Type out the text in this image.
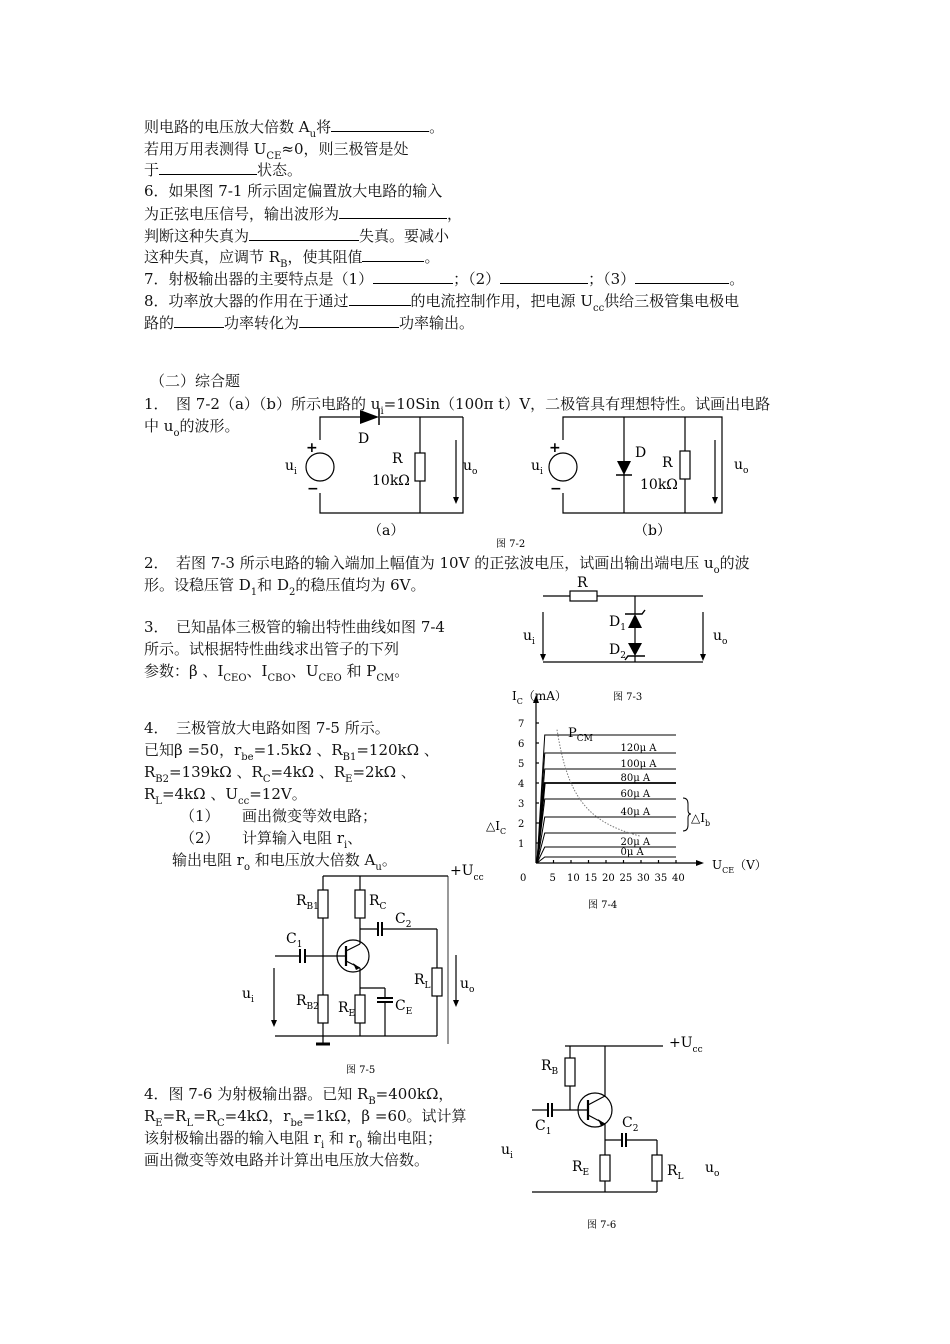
则电路的电压放大倍数 $A_u$将	。
若用万用表测得 $U_{CE}\approx 0$，则三极管是处
于	状态。
6．如果图 7-1 所示固定偏置放大电路的输入
为正弦电压信号，输出波形为	，
判断这种失真为	失真。要减小
这种失真，应调节 $R_B$，使其阻值	。
7．射极输出器的主要特点是（1）	；（2）	；（3）	。
8．功率放大器的作用在于通过	的电流控制作用，把电源 $U_{cc}$供给三极管集电极电
路的	功率转化为	功率输出。
（二）综合题
1．　图 7-2（a）（b）所示电路的 $u_i=10Sin(100\pi$ t）V，二极管具有理想特性。试画出电路
中 $u_o$的波形。
+
−
+
−
D
R
10kΩ
$u_i$	$u_o$
D
R
10kΩ
$u_i$	$u_o$
（a）	（b）
图 7-2
2．　若图 7-3 所示电路的输入端加上幅值为 10V 的正弦波电压，试画出输出端电压 $u_o$的波
形。设稳压管 $D_1$和 $D_2$的稳压值均为 6V。	R
$D_1$
$D_2$
$u_i$	$u_o$
图 7-3
3．　已知晶体三极管的输出特性曲线如图 7-4
所示。试根据特性曲线求出管子的下列
参数：β 、$I_{CEO}$、$I_{CBO}$、$U_{CEO}$ 和 $P_{CM}$。
0 5 10 15 20 25 30 35 40
1
2
3
4
5
6
7
0μ A
20μ A
40μ A
60μ A
80μ A
100μ A
120μ A
$I_C(mA)$
$U_{CE}(V)$
$P_{CM}$
$\triangle I_C$
$\triangle I_b$
图 7-4
4．　三极管放大电路如图 7-5 所示。
已知β =50，$r_{be}=1.5k\Omega$ 、$R_{B1}=120k\Omega$ 、
$R_{B2}=139k\Omega$ 、$R_C=4k\Omega$ 、$R_E=2k\Omega$ 、
$R_L=4k\Omega$ 、$U_{cc}=12V$。
（1）　　画出微变等效电路；
（2）　　计算输入电阻 $r_i$、
输出电阻 $r_o$ 和电压放大倍数 $A_u$。
$+U_{cc}$
$R_{B1}$	$R_C$
$C_2$
$C_1$
$R_L$ $u_o$
$u_i$	$R_{B2}$ $R_E$	$C_E$
图 7-5
4．图 7-6 为射极输出器。已知 $R_B=400k\Omega$，
$R_E=R_L=R_C=4k\Omega$，$r_{be}=1k\Omega$，β =60。试计算
该射极输出器的输入电阻 $r_i$ 和 $r_0$ 输出电阻；
画出微变等效电路并计算出电压放大倍数。
$+U_{cc}$
$R_B$
$C_1$
$C_2$
$R_E$	$R_L$
$u_i$
$u_o$
图 7-6
